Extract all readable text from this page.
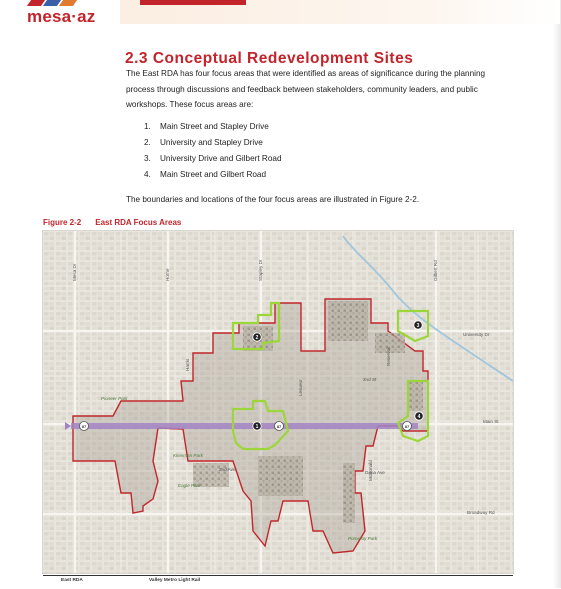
mesa·az
2.3 Conceptual Redevelopment Sites
The East RDA has four focus areas that were identified as areas of significance during the planning process through discussions and feedback between stakeholders, community leaders, and public workshops. These focus areas are:
1. Main Street and Stapley Drive
2. University and Stapley Drive
3. University Drive and Gilbert Road
4. Main Street and Gilbert Road
The boundaries and locations of the four focus areas are illustrated in Figure 2-2.
Figure 2-2 East RDA Focus Areas
1
2
3
4
87	87	87
Mesa Dr	Horne	Stapley Dr	Gilbert Rd
University Dr
Main St
Broadway Rd
2nd St
Dana Ave
2nd Ave
Harris
Lesueur
Reservoir
McDonald
Pioneer Park
Kleinman Park
Eagle Park
Pomeroy Park
East RDA	Valley Metro Light Rail
